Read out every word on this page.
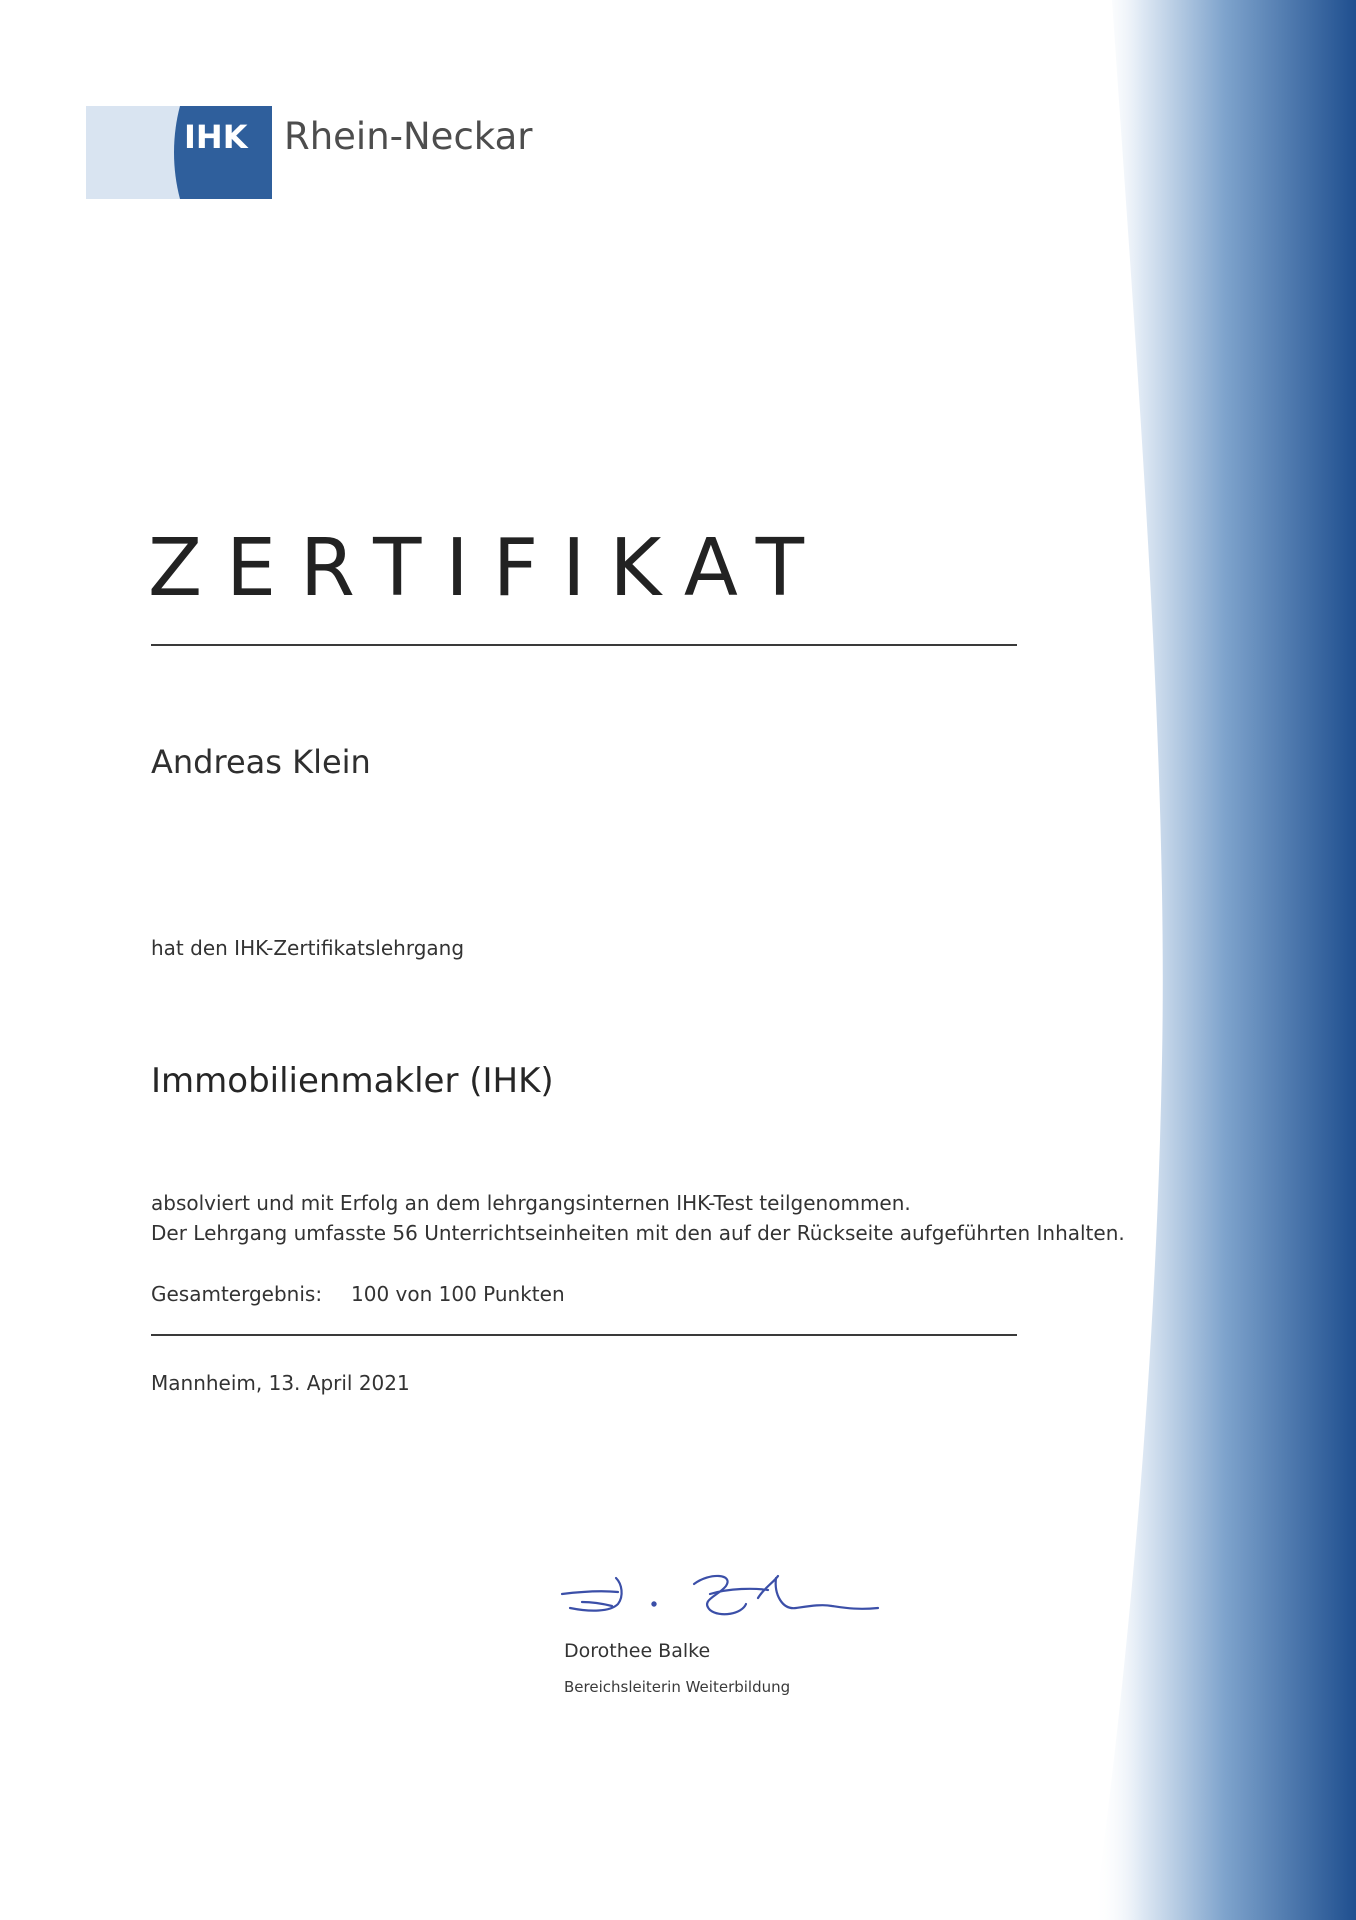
IHK Rhein-Neckar
ZERTIFIKAT
Andreas Klein
hat den IHK-Zertifikatslehrgang
Immobilienmakler (IHK)
absolviert und mit Erfolg an dem lehrgangsinternen IHK-Test teilgenommen.
Der Lehrgang umfasste 56 Unterrichtseinheiten mit den auf der Rückseite aufgeführten Inhalten.
Gesamtergebnis: 100 von 100 Punkten
Mannheim, 13. April 2021
Dorothee Balke
Bereichsleiterin Weiterbildung
